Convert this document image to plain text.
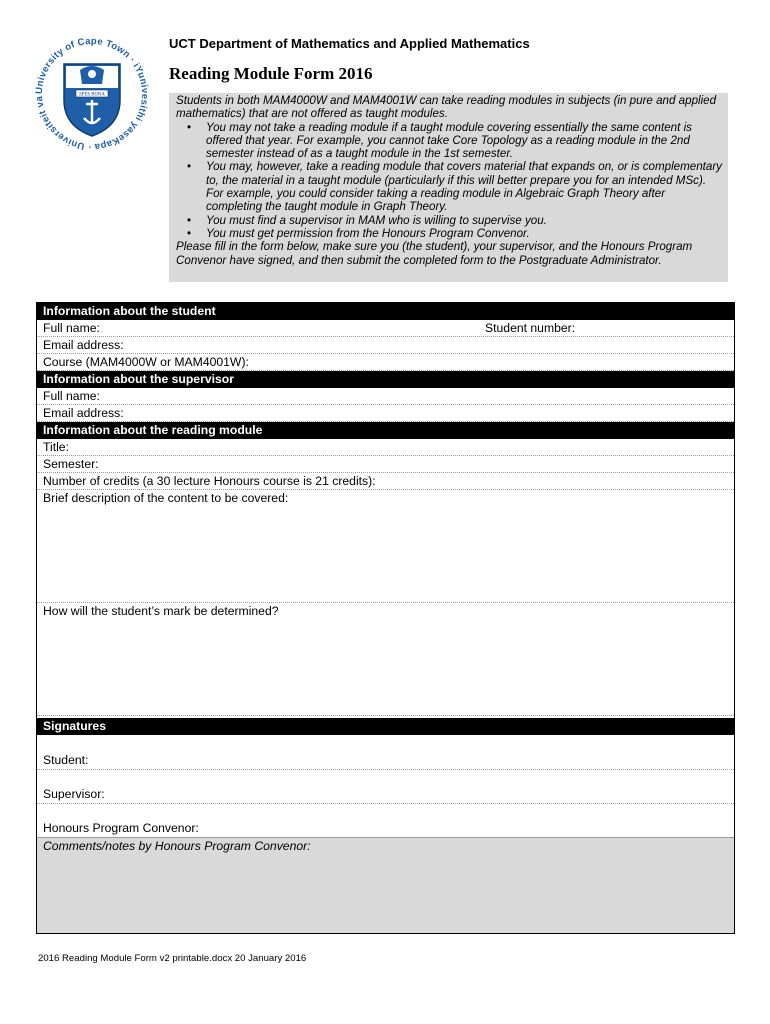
University of Cape Town · iYunivesithi yaseKapa · Universiteit va
SPES BONA
UCT Department of Mathematics and Applied Mathematics
Reading Module Form 2016

Students in both MAM4000W and MAM4001W can take reading modules in subjects (in pure and applied mathematics) that are not offered as taught modules.

• You may not take a reading module if a taught module covering essentially the same content is offered that year. For example, you cannot take Core Topology as a reading module in the 2nd semester instead of as a taught module in the 1st semester.
• You may, however, take a reading module that covers material that expands on, or is complementary to, the material in a taught module (particularly if this will better prepare you for an intended MSc). For example, you could consider taking a reading module in Algebraic Graph Theory after completing the taught module in Graph Theory.
• You must find a supervisor in MAM who is willing to supervise you.
• You must get permission from the Honours Program Convenor.

Please fill in the form below, make sure you (the student), your supervisor, and the Honours Program Convenor have signed, and then submit the completed form to the Postgraduate Administrator.

Information about the student
Full name:	Student number:
Email address:
Course (MAM4000W or MAM4001W):
Information about the supervisor
Full name:
Email address:
Information about the reading module
Title:
Semester:
Number of credits (a 30 lecture Honours course is 21 credits):
Brief description of the content to be covered:
How will the student’s mark be determined?
Signatures
Student:
Supervisor:
Honours Program Convenor:
Comments/notes by Honours Program Convenor:
2016 Reading Module Form v2 printable.docx 20 January 2016
